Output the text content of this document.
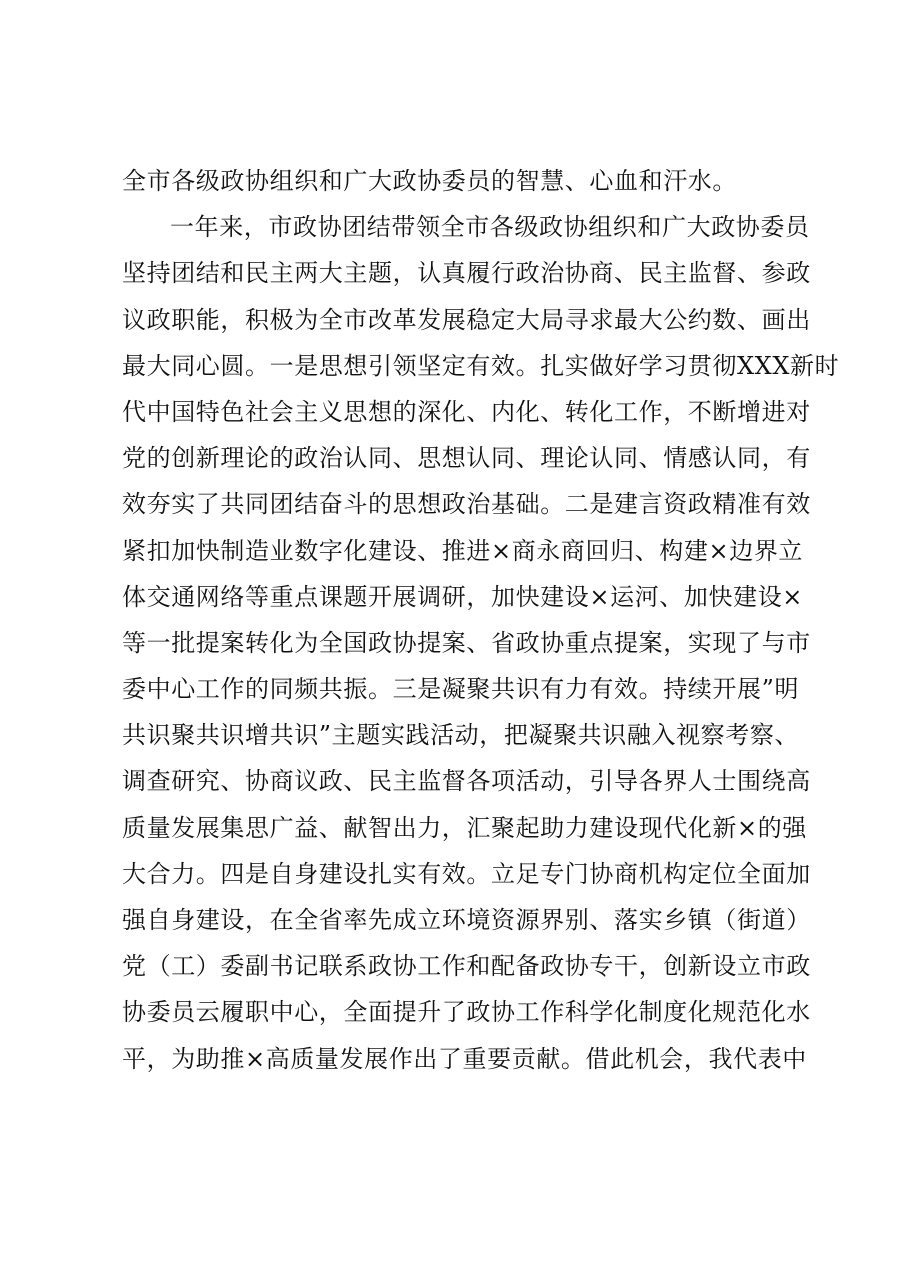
全市各级政协组织和广大政协委员的智慧、心血和汗水。
一年来，市政协团结带领全市各级政协组织和广大政协委员
坚持团结和民主两大主题，认真履行政治协商、民主监督、参政
议政职能，积极为全市改革发展稳定大局寻求最大公约数、画出
最大同心圆。一是思想引领坚定有效。扎实做好学习贯彻XXX新时
代中国特色社会主义思想的深化、内化、转化工作，不断增进对
党的创新理论的政治认同、思想认同、理论认同、情感认同，有
效夯实了共同团结奋斗的思想政治基础。二是建言资政精准有效
紧扣加快制造业数字化建设、推进×商永商回归、构建×边界立
体交通网络等重点课题开展调研，加快建设×运河、加快建设×
等一批提案转化为全国政协提案、省政协重点提案，实现了与市
委中心工作的同频共振。三是凝聚共识有力有效。持续开展”明
共识聚共识增共识”主题实践活动，把凝聚共识融入视察考察、
调查研究、协商议政、民主监督各项活动，引导各界人士围绕高
质量发展集思广益、献智出力，汇聚起助力建设现代化新×的强
大合力。四是自身建设扎实有效。立足专门协商机构定位全面加
强自身建设，在全省率先成立环境资源界别、落实乡镇（街道）
党（工）委副书记联系政协工作和配备政协专干，创新设立市政
协委员云履职中心，全面提升了政协工作科学化制度化规范化水
平，为助推×高质量发展作出了重要贡献。借此机会，我代表中
